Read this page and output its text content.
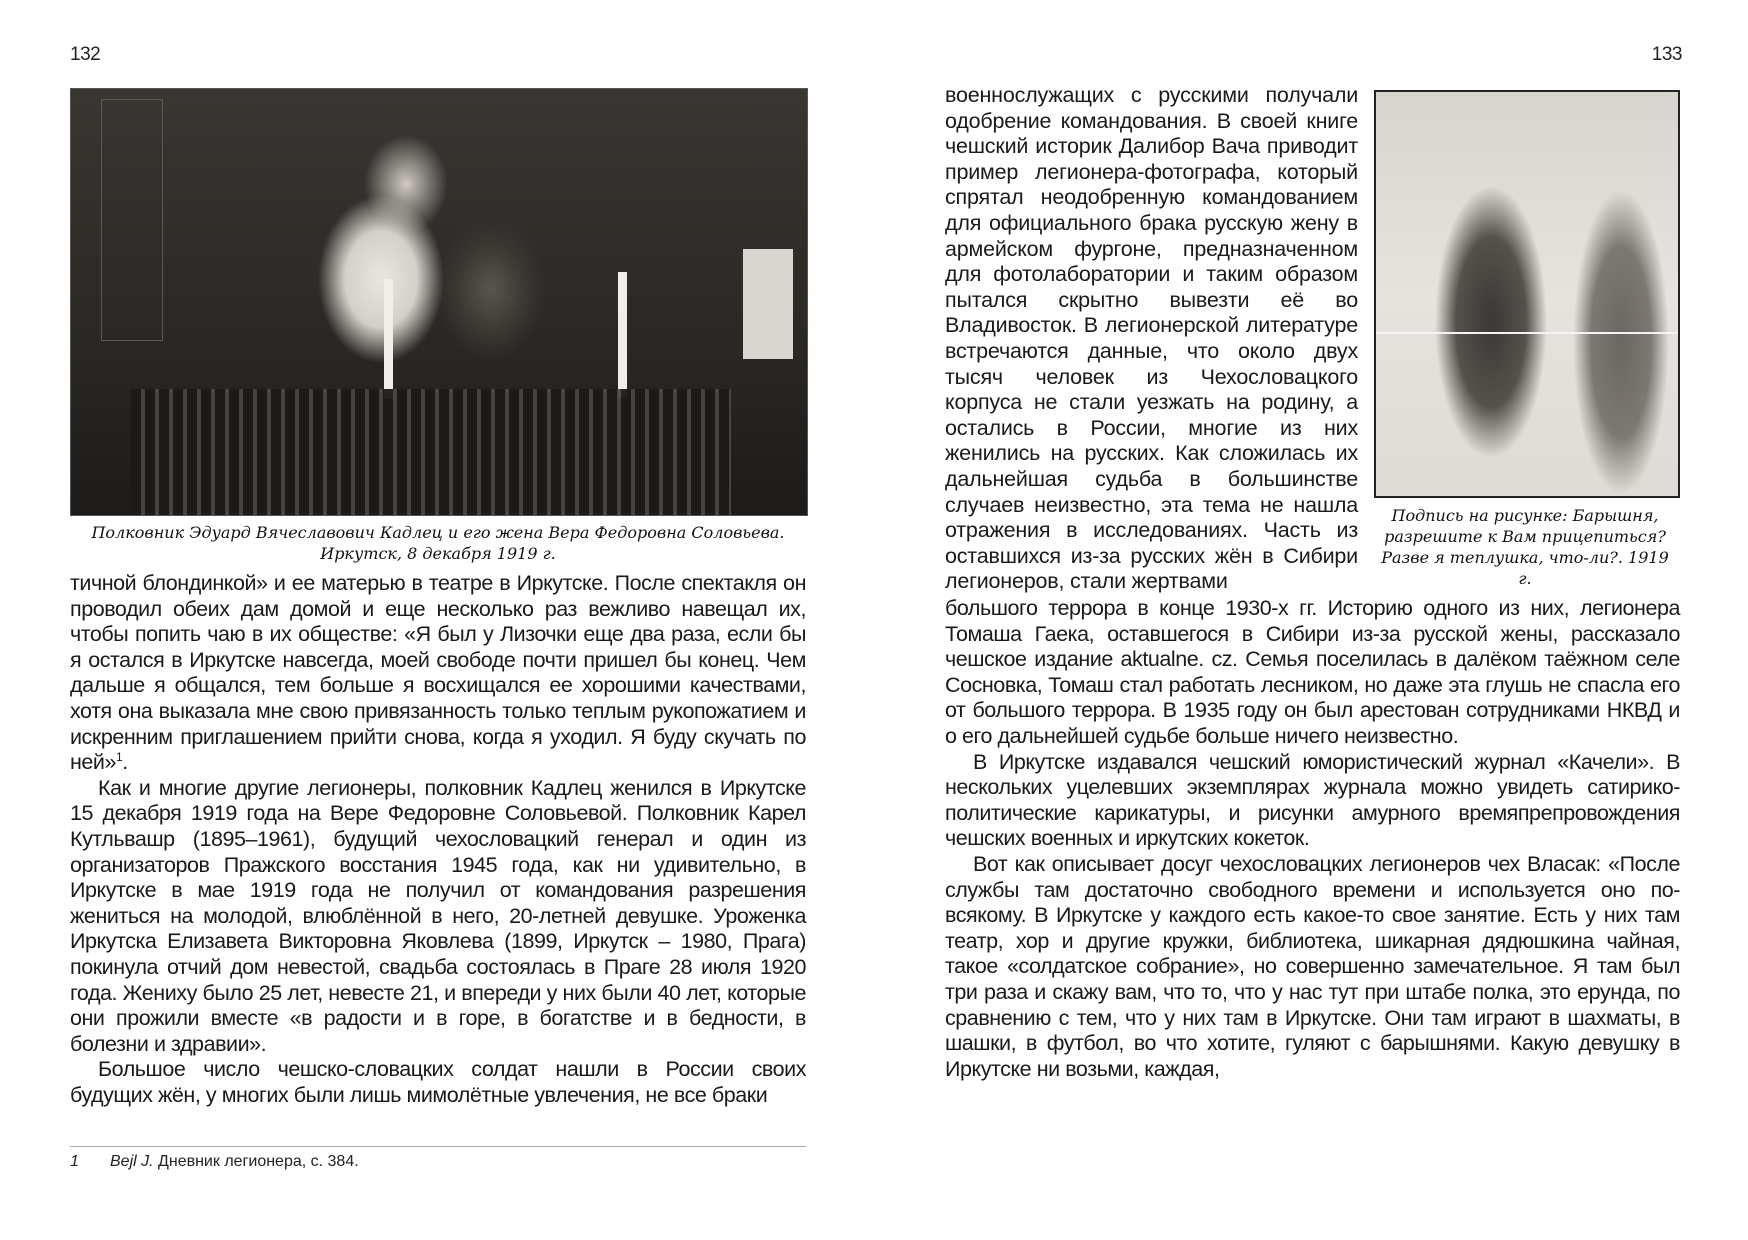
132
Полковник Эдуард Вячеславович Кадлец и его жена Вера Федоровна Соловьева.
Иркутск, 8 декабря 1919 г.

тичной блондинкой» и ее матерью в театре в Иркутске. После спектакля он проводил обеих дам домой и еще несколько раз вежливо навещал их, чтобы попить чаю в их обществе: «Я был у Лизочки еще два раза, если бы я остался в Иркутске навсегда, моей свободе почти пришел бы конец. Чем дальше я общался, тем больше я восхищался ее хорошими качествами, хотя она выказала мне свою привязанность только теплым рукопожатием и искренним приглашением прийти снова, когда я уходил. Я буду скучать по ней»$^1$.

Как и многие другие легионеры, полковник Кадлец женился в Иркутске 15 декабря 1919 года на Вере Федоровне Соловьевой. Полковник Карел Кутльвашр (1895–1961), будущий чехословацкий генерал и один из организаторов Пражского восстания 1945 года, как ни удивительно, в Иркутске в мае 1919 года не получил от командования разрешения жениться на молодой, влюблённой в него, 20-летней девушке. Уроженка Иркутска Елизавета Викторовна Яковлева (1899, Иркутск – 1980, Прага) покинула отчий дом невестой, свадьба состоялась в Праге 28 июля 1920 года. Жениху было 25 лет, невесте 21, и впереди у них были 40 лет, которые они прожили вместе «в радости и в горе, в богатстве и в бедности, в болезни и здравии».

Большое число чешско-словацких солдат нашли в России своих будущих жён, у многих были лишь мимолётные увлечения, не все браки

1 Bejl J. Дневник легионера, с. 384.
133

военнослужащих с русскими получали одобрение командования. В своей книге чешский историк Далибор Вача приводит пример легионера-фотографа, который спрятал неодобренную командованием для официального брака русскую жену в армейском фургоне, предназначенном для фотолаборатории и таким образом пытался скрытно вывезти её во Владивосток. В легионерской литературе встречаются данные, что около двух тысяч человек из Чехословацкого корпуса не стали уезжать на родину, а остались в России, многие из них женились на русских. Как сложилась их дальнейшая судьба в большинстве случаев неизвестно, эта тема не нашла отражения в исследованиях. Часть из оставшихся из-за русских жён в Сибири легионеров, стали жертвами

Подпись на рисунке: Барышня,
разрешите к Вам прицепиться?
Разве я теплушка, что-ли?. 1919 г.

большого террора в конце 1930-х гг. Историю одного из них, легионера Томаша Гаека, оставшегося в Сибири из-за русской жены, рассказало чешское издание aktualne. cz. Семья поселилась в далёком таёжном селе Сосновка, Томаш стал работать лесником, но даже эта глушь не спасла его от большого террора. В 1935 году он был арестован сотрудниками НКВД и о его дальнейшей судьбе больше ничего неизвестно.

В Иркутске издавался чешский юмористический журнал «Качели». В нескольких уцелевших экземплярах журнала можно увидеть сатирико-политические карикатуры, и рисунки амурного времяпрепровождения чешских военных и иркутских кокеток.

Вот как описывает досуг чехословацких легионеров чех Власак: «После службы там достаточно свободного времени и используется оно по-всякому. В Иркутске у каждого есть какое-то свое занятие. Есть у них там театр, хор и другие кружки, библиотека, шикарная дядюшкина чайная, такое «солдатское собрание», но совершенно замечательное. Я там был три раза и скажу вам, что то, что у нас тут при штабе полка, это ерунда, по сравнению с тем, что у них там в Иркутске. Они там играют в шахматы, в шашки, в футбол, во что хотите, гуляют с барышнями. Какую девушку в Иркутске ни возьми, каждая,
